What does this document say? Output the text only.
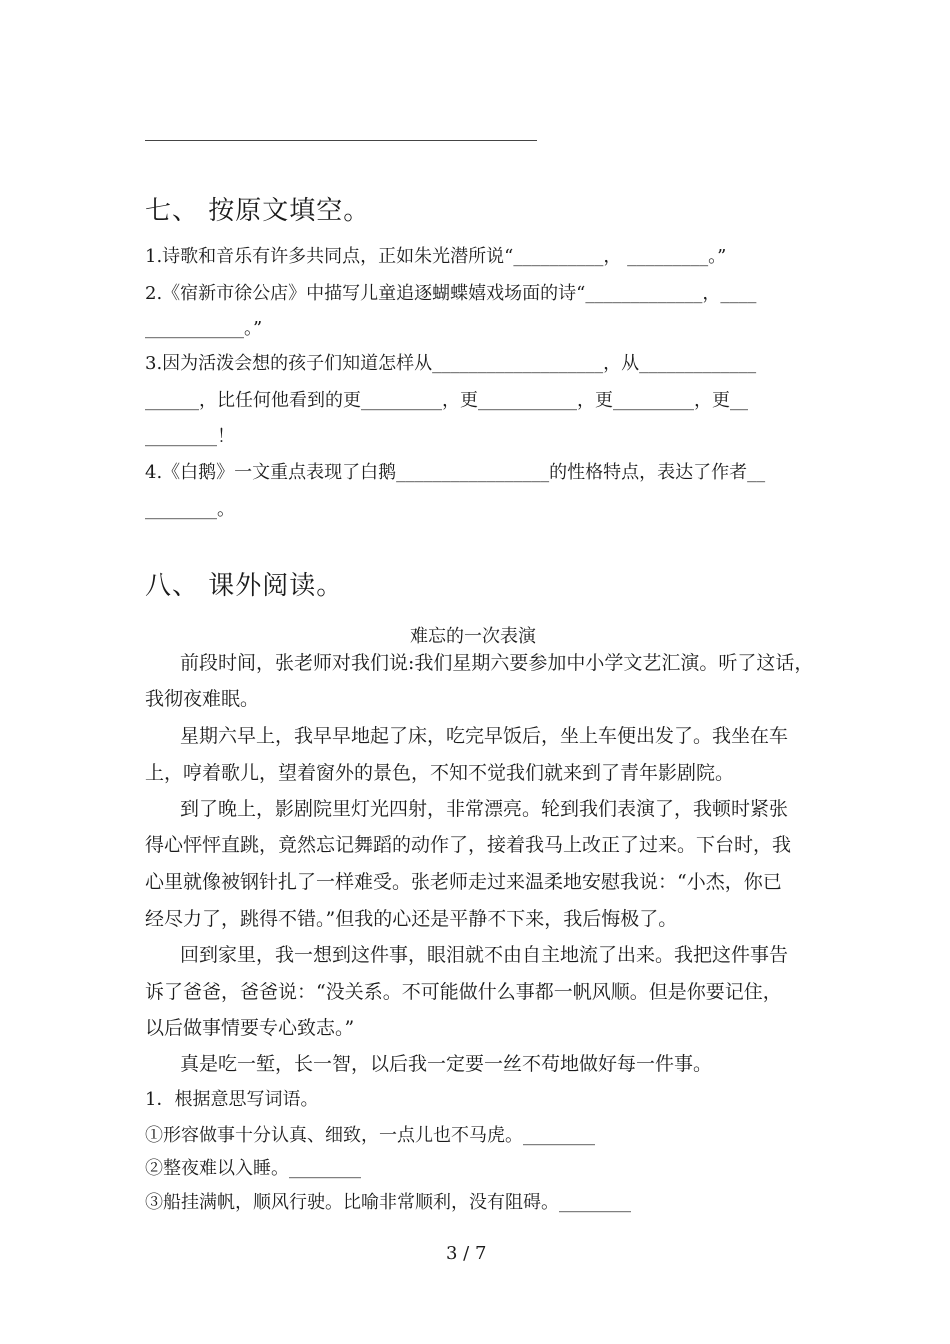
七、 按原文填空。
1.诗歌和音乐有许多共同点，正如朱光潜所说“__________， _________。”
2.《宿新市徐公店》中描写儿童追逐蝴蝶嬉戏场面的诗“_____________，____
___________。”
3.因为活泼会想的孩子们知道怎样从___________________，从_____________
______，比任何他看到的更_________，更___________，更_________，更__
________！
4.《白鹅》一文重点表现了白鹅_________________的性格特点，表达了作者__
________。
八、 课外阅读。
难忘的一次表演
前段时间，张老师对我们说:我们星期六要参加中小学文艺汇演。听了这话，
我彻夜难眠。
星期六早上，我早早地起了床，吃完早饭后，坐上车便出发了。我坐在车
上，哼着歌儿，望着窗外的景色，不知不觉我们就来到了青年影剧院。
到了晚上，影剧院里灯光四射，非常漂亮。轮到我们表演了，我顿时紧张
得心怦怦直跳，竟然忘记舞蹈的动作了，接着我马上改正了过来。下台时，我
心里就像被钢针扎了一样难受。张老师走过来温柔地安慰我说：“小杰，你已
经尽力了，跳得不错。”但我的心还是平静不下来，我后悔极了。
回到家里，我一想到这件事，眼泪就不由自主地流了出来。我把这件事告
诉了爸爸，爸爸说：“没关系。不可能做什么事都一帆风顺。但是你要记住，
以后做事情要专心致志。”
真是吃一堑，长一智，以后我一定要一丝不苟地做好每一件事。
1．根据意思写词语。
①形容做事十分认真、细致，一点儿也不马虎。________
②整夜难以入睡。________
③船挂满帆，顺风行驶。比喻非常顺利，没有阻碍。________
3 / 7
